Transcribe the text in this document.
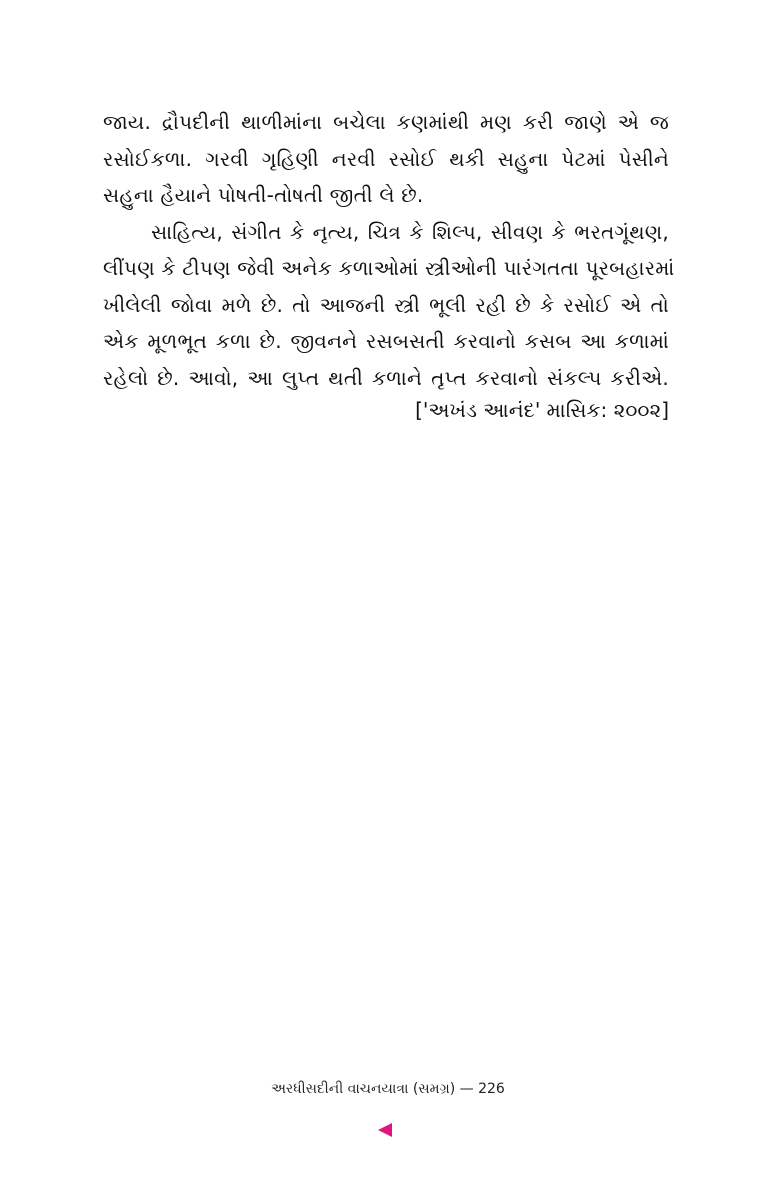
જાય. દ્રૌપદીની થાળીમાંના બચેલા કણમાંથી મણ કરી જાણે એ જ
રસોઈકળા. ગરવી ગૃહિણી નરવી રસોઈ થકી સહુના પેટમાં પેસીને
સહુના હૈયાને પોષતી-તોષતી જીતી લે છે.
સાહિત્ય, સંગીત કે નૃત્ય, ચિત્ર કે શિલ્પ, સીવણ કે ભરતગૂંથણ,
લીંપણ કે ટીપણ જેવી અનેક કળાઓમાં સ્ત્રીઓની પારંગતતા પૂરબહારમાં
ખીલેલી જોવા મળે છે. તો આજની સ્ત્રી ભૂલી રહી છે કે રસોઈ એ તો
એક મૂળભૂત કળા છે. જીવનને રસબસતી કરવાનો કસબ આ કળામાં
રહેલો છે. આવો, આ લુપ્ત થતી કળાને તૃપ્ત કરવાનો સંકલ્પ કરીએ.
['અખંડ આનંદ' માસિક: ૨૦૦૨]
અરધીસદીની વાચનયાત્રા (સમગ્ર) — 226
